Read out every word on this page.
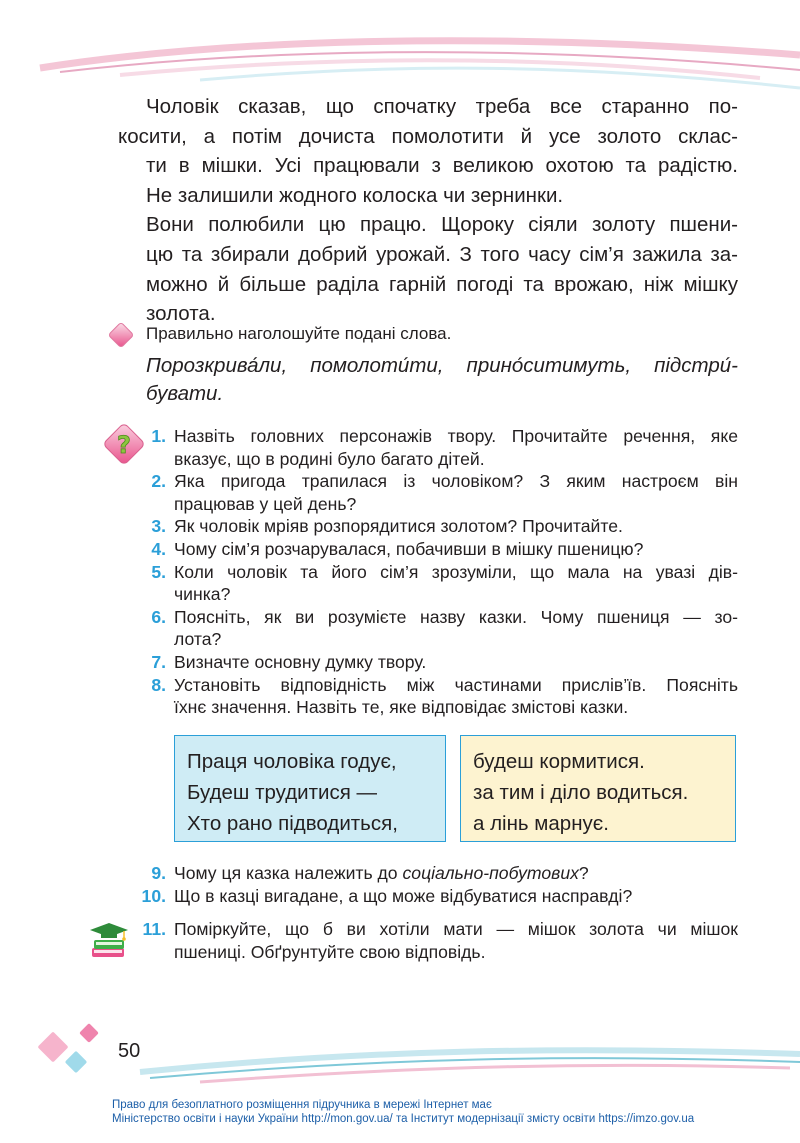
Чоловік сказав, що спочатку треба все старанно по-
косити, а потім дочиста помолотити й усе золото склас-
ти в мішки. Усі працювали з великою охотою та радістю.
Не залишили жодного колоска чи зернинки.

Вони полюбили цю працю. Щороку сіяли золоту пшени-
цю та збирали добрий урожай. З того часу сім’я зажила за-
можно й більше раділа гарній погоді та врожаю, ніж мішку
золота.

Правильно наголошуйте подані слова.
Порозкрива́ли, помолоти́ти, прино́ситимуть, підстри́-
бувати.
?	1. Назвіть головних персонажів твору. Прочитайте речення, яке
вказує, що в родині було багато дітей.
2. Яка пригода трапилася із чоловіком? З яким настроєм він
працював у цей день?
3. Як чоловік мріяв розпорядитися золотом? Прочитайте.
4. Чому сім’я розчарувалася, побачивши в мішку пшеницю?
5. Коли чоловік та його сім’я зрозуміли, що мала на увазі дів-
чинка?
6. Поясніть, як ви розумієте назву казки. Чому пшениця — зо-
лота?
7. Визначте основну думку твору.
8. Установіть відповідність між частинами прислів’їв. Поясніть
їхнє значення. Назвіть те, яке відповідає змістові казки.
Праця чоловіка годує,
Будеш трудитися —
Хто рано підводиться,
будеш кормитися.
за тим і діло водиться.
а лінь марнує.
9. Чому ця казка належить до соціально-побутових?
10. Що в казці вигадане, а що може відбуватися насправді?
11. Поміркуйте, що б ви хотіли мати — мішок золота чи мішок
пшениці. Обґрунтуйте свою відповідь.
50
Право для безоплатного розміщення підручника в мережі Інтернет має
Міністерство освіти і науки України http://mon.gov.ua/ та Інститут модернізації змісту освіти https://imzo.gov.ua
